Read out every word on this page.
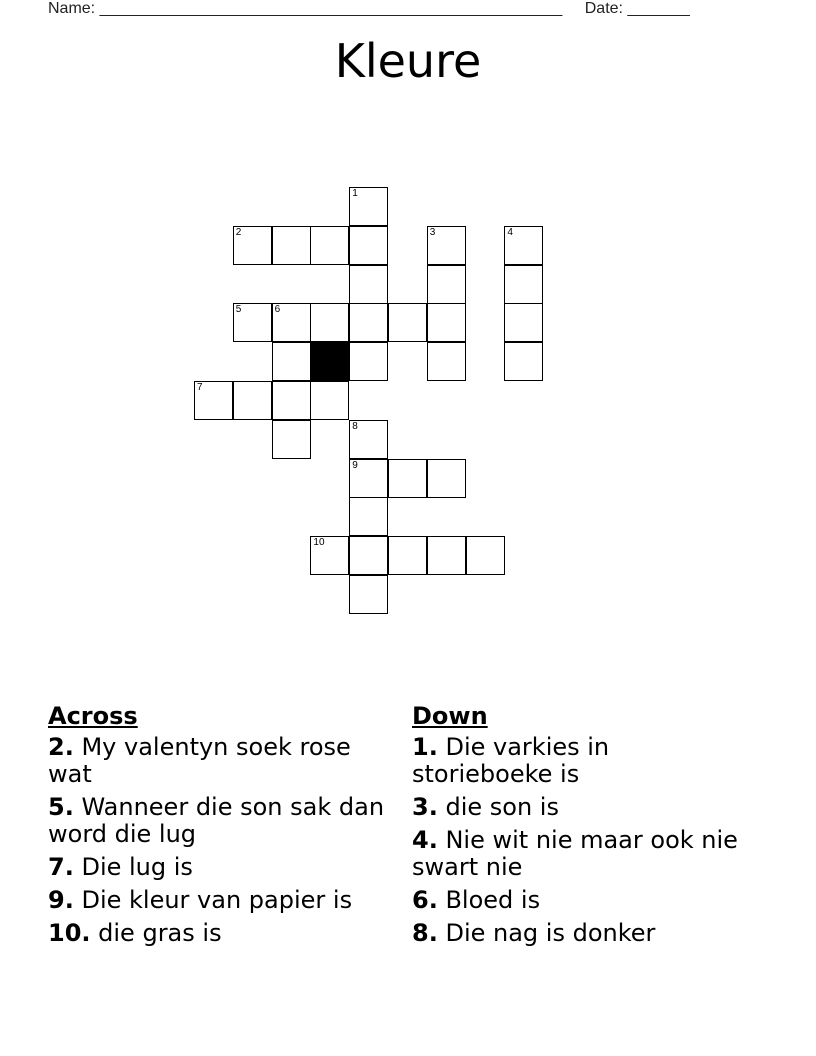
Name: ____________________________________________________ Date: _______
Kleure
1
2	3	4
5	6
7
8
9
10
Across
2. My valentyn soek rose wat
5. Wanneer die son sak dan word die lug
7. Die lug is
9. Die kleur van papier is
10. die gras is
Down
1. Die varkies in storieboeke is
3. die son is
4. Nie wit nie maar ook nie swart nie
6. Bloed is
8. Die nag is donker
